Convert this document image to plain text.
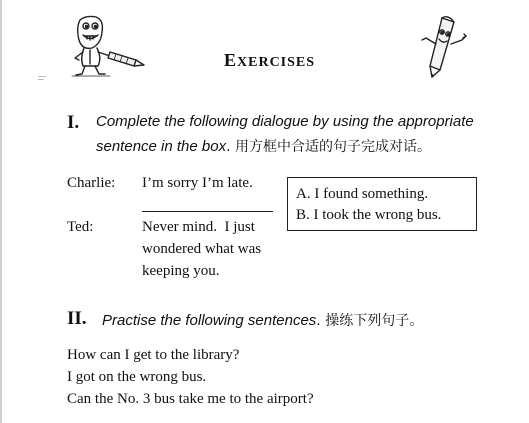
EXERCISES
I. Complete the following dialogue by using the appropriate
sentence in the box. 用方框中合适的句子完成对话。
Charlie: I’m sorry I’m late.
Ted:	Never mind.  I just
wondered what was
keeping you.
A. I found something.
B. I took the wrong bus.
II. Practise the following sentences. 操练下列句子。
How can I get to the library?
I got on the wrong bus.
Can the No. 3 bus take me to the airport?
